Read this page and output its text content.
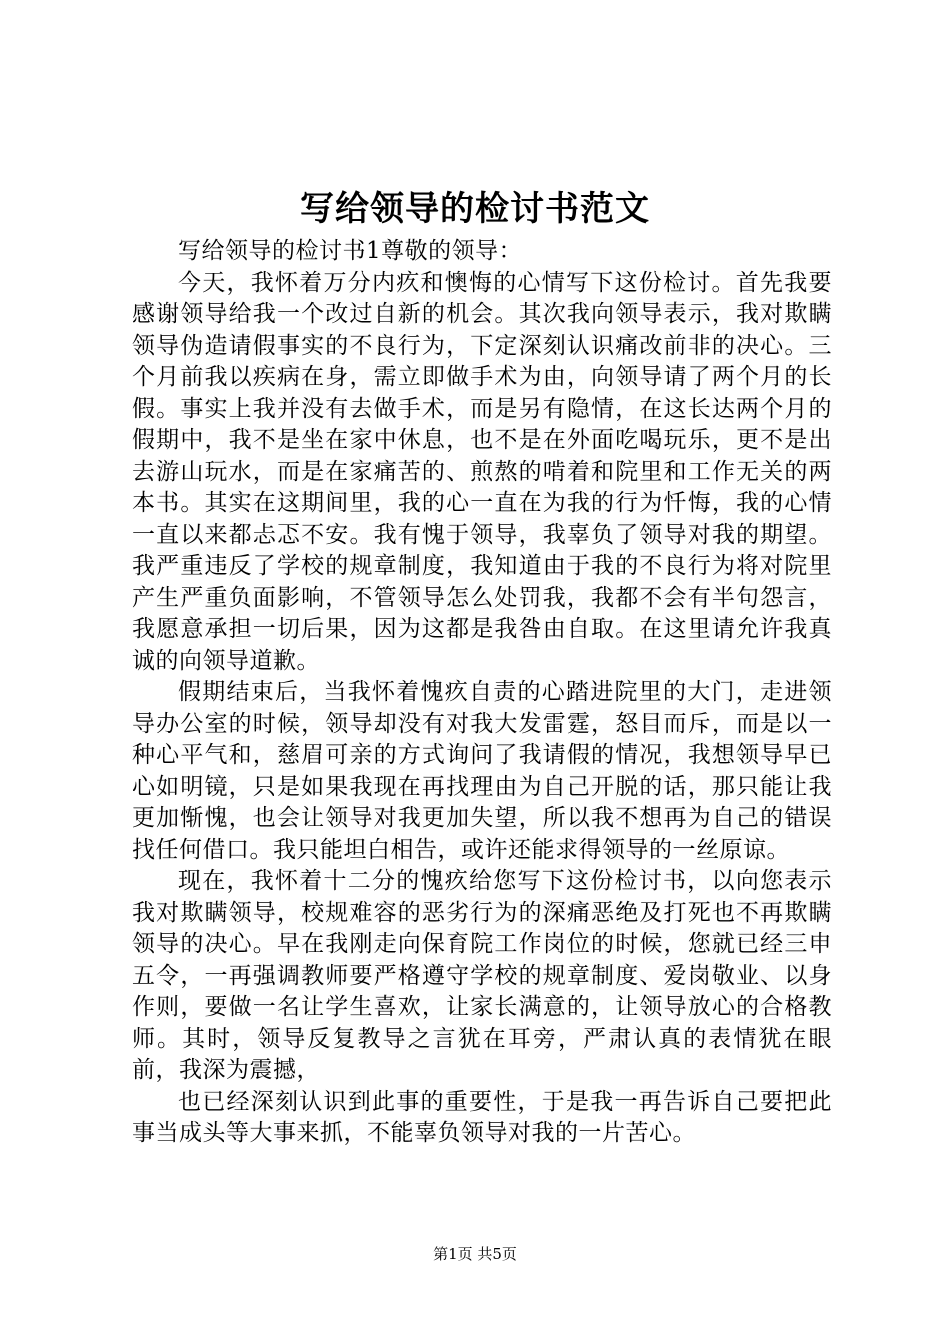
写给领导的检讨书范文

写给领导的检讨书1尊敬的领导：

今天，我怀着万分内疚和懊悔的心情写下这份检讨。首先我要感谢领导给我一个改过自新的机会。其次我向领导表示，我对欺瞒领导伪造请假事实的不良行为，下定深刻认识痛改前非的决心。三个月前我以疾病在身，需立即做手术为由，向领导请了两个月的长假。事实上我并没有去做手术，而是另有隐情，在这长达两个月的假期中，我不是坐在家中休息，也不是在外面吃喝玩乐，更不是出去游山玩水，而是在家痛苦的、煎熬的啃着和院里和工作无关的两本书。其实在这期间里，我的心一直在为我的行为忏悔，我的心情一直以来都忐忑不安。我有愧于领导，我辜负了领导对我的期望。我严重违反了学校的规章制度，我知道由于我的不良行为将对院里产生严重负面影响，不管领导怎么处罚我，我都不会有半句怨言，我愿意承担一切后果，因为这都是我咎由自取。在这里请允许我真诚的向领导道歉。

假期结束后，当我怀着愧疚自责的心踏进院里的大门，走进领导办公室的时候，领导却没有对我大发雷霆，怒目而斥，而是以一种心平气和，慈眉可亲的方式询问了我请假的情况，我想领导早已心如明镜，只是如果我现在再找理由为自己开脱的话，那只能让我更加惭愧，也会让领导对我更加失望，所以我不想再为自己的错误找任何借口。我只能坦白相告，或许还能求得领导的一丝原谅。

现在，我怀着十二分的愧疚给您写下这份检讨书，以向您表示我对欺瞒领导，校规难容的恶劣行为的深痛恶绝及打死也不再欺瞒领导的决心。早在我刚走向保育院工作岗位的时候，您就已经三申五令，一再强调教师要严格遵守学校的规章制度、爱岗敬业、以身作则，要做一名让学生喜欢，让家长满意的，让领导放心的合格教师。其时，领导反复教导之言犹在耳旁，严肃认真的表情犹在眼前，我深为震撼，

也已经深刻认识到此事的重要性，于是我一再告诉自己要把此事当成头等大事来抓，不能辜负领导对我的一片苦心。

第1页 共5页
